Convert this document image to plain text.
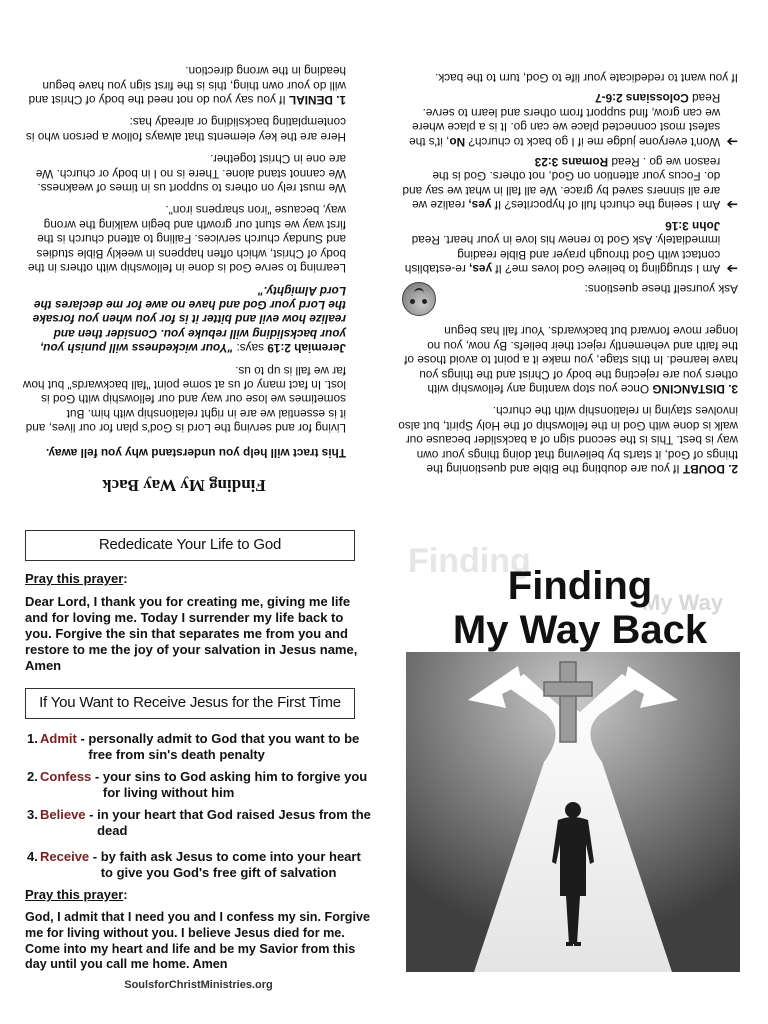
Finding My Way Back
This tract will help you understand why you fell away.
Living for and serving the Lord is God's plan for our lives, and it is essential we are in right relationship with him. But sometimes we lose our way and our fellowship with God is lost. In fact many of us at some point "fall backwards" but how far we fall is up to us.
Jeremiah 2:19 says: "Your wickedness will punish you, your backsliding will rebuke you. Consider then and realize how evil and bitter it is for you when you forsake the Lord your God and have no awe for me declares the Lord Almighty."
Learning to serve God is done in fellowship with others in the body of Christ, which often happens in weekly Bible studies and Sunday church services. Failing to attend church is the first way we stunt our growth and begin walking the wrong way, because "iron sharpens iron".
We must rely on others to support us in times of weakness. We cannot stand alone. There is no I in body or church. We are one in Christ together.
Here are the key elements that always follow a person who is contemplating backsliding or already has:
1. DENIAL If you say you do not need the body of Christ and will do your own thing, this is the first sign you have begun heading in the wrong direction.
2. DOUBT If you are doubting the Bible and questioning the things of God, it starts by believing that doing things your own way is best. This is the second sign of a backslider because our walk is done with God in the fellowship of the Holy Spirit, but also involves staying in relationship with the church.
3. DISTANCING Once you stop wanting any fellowship with others you are rejecting the body of Christ and the things you have learned. In this stage, you make it a point to avoid those of the faith and vehemently reject their beliefs. By now, you no longer move forward but backwards. Your fall has begun
Ask yourself these questions:
➔
Am I struggling to believe God loves me? If yes, re-establish contact with God through prayer and Bible reading immediately. Ask God to renew his love in your heart. Read John 3:16
➔
Am I seeing the church full of hypocrites? If yes, realize we are all sinners saved by grace. We all fall in what we say and do. Focus your attention on God, not others. God is the reason we go . Read Romans 3:23
➔
Won't everyone judge me if I go back to church? No, it's the safest most connected place we can go. It is a place where we can grow, find support from others and learn to serve. Read Colossians 2:6-7
If you want to rededicate your life to God, turn to the back.
Rededicate Your Life to God
Pray this prayer:
Dear Lord, I thank you for creating me, giving me life and for loving me. Today I surrender my life back to you. Forgive the sin that separates me from you and restore to me the joy of your salvation in Jesus name, Amen
If You Want to Receive Jesus for the First Time
1. Admit - personally admit to God that you want to be free from sin's death penalty
2. Confess - your sins to God asking him to forgive you for living without him
3. Believe - in your heart that God raised Jesus from the dead
4. Receive - by faith ask Jesus to come into your heart to give you God's free gift of salvation
Pray this prayer:
God, I admit that I need you and I confess my sin. Forgive me for living without you. I believe Jesus died for me. Come into my heart and life and be my Savior from this day until you call me home. Amen
SoulsforChristMinistries.org
Finding
My Way
Finding
My Way Back
